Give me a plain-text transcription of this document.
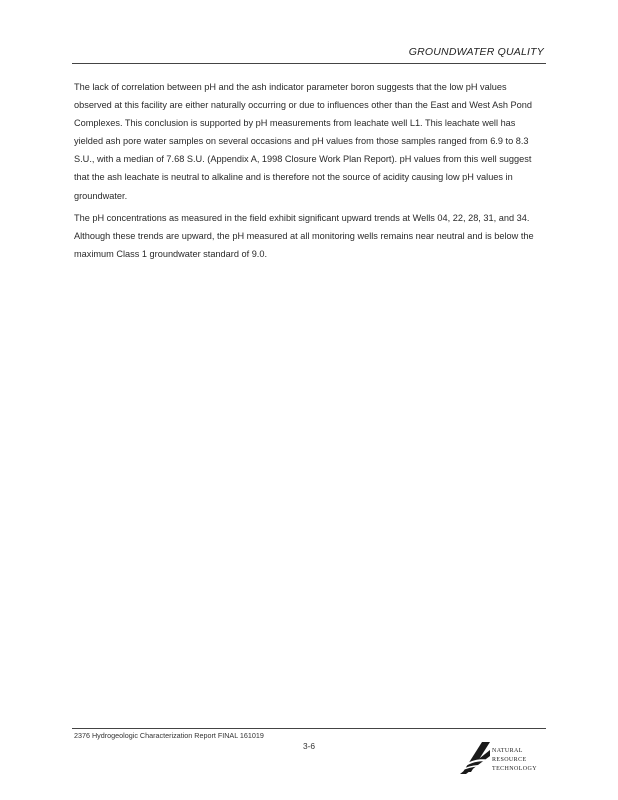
GROUNDWATER QUALITY
The lack of correlation between pH and the ash indicator parameter boron suggests that the low pH values observed at this facility are either naturally occurring or due to influences other than the East and West Ash Pond Complexes. This conclusion is supported by pH measurements from leachate well L1. This leachate well has yielded ash pore water samples on several occasions and pH values from those samples ranged from 6.9 to 8.3 S.U., with a median of 7.68 S.U. (Appendix A, 1998 Closure Work Plan Report). pH values from this well suggest that the ash leachate is neutral to alkaline and is therefore not the source of acidity causing low pH values in groundwater.
The pH concentrations as measured in the field exhibit significant upward trends at Wells 04, 22, 28, 31, and 34. Although these trends are upward, the pH measured at all monitoring wells remains near neutral and is below the maximum Class 1 groundwater standard of 9.0.
2376 Hydrogeologic Characterization Report FINAL 161019
3-6	NATURAL
RESOURCE
TECHNOLOGY
